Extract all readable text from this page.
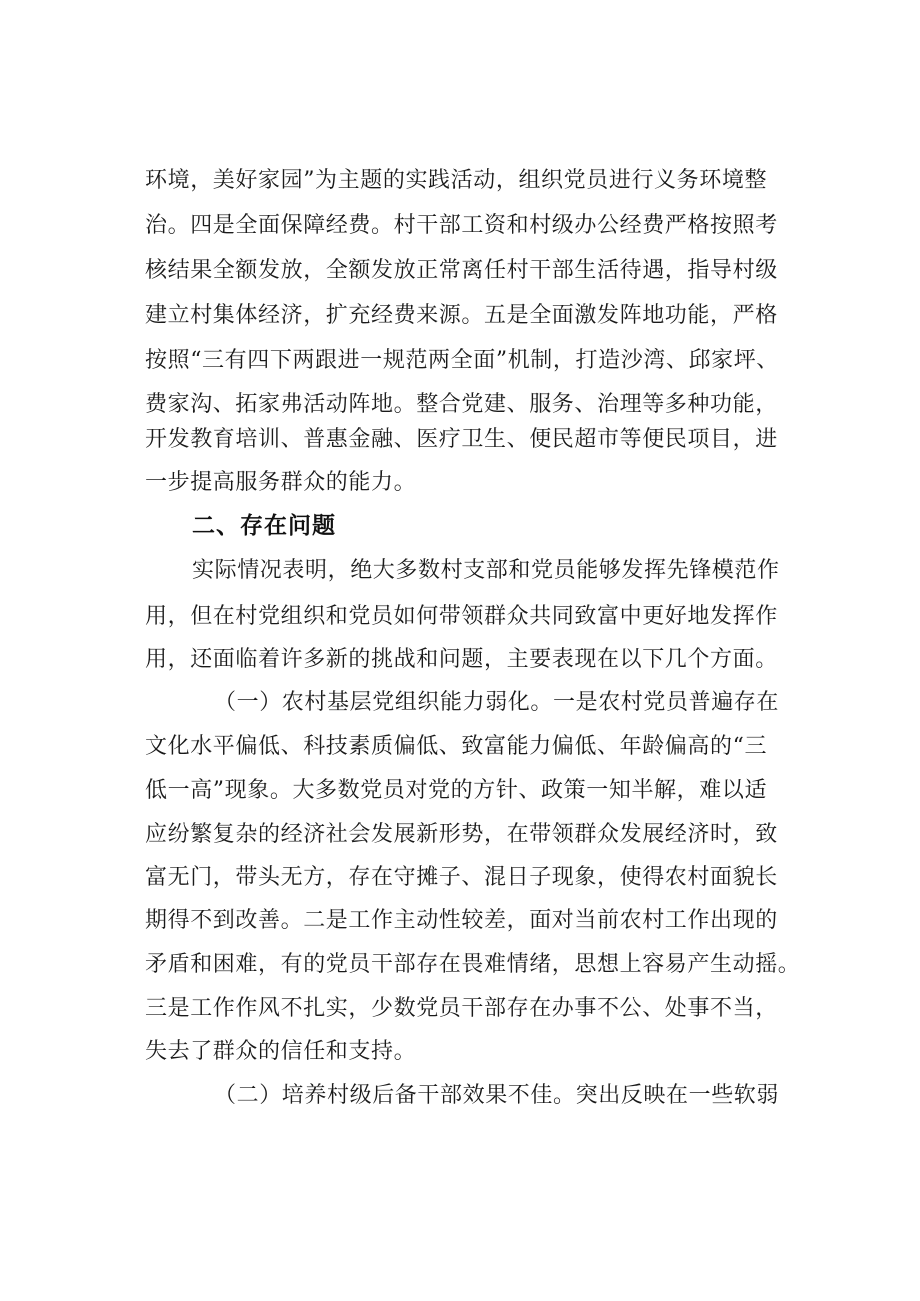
环境，美好家园”为主题的实践活动，组织党员进行义务环境整
治。四是全面保障经费。村干部工资和村级办公经费严格按照考
核结果全额发放，全额发放正常离任村干部生活待遇，指导村级
建立村集体经济，扩充经费来源。五是全面激发阵地功能，严格
按照“三有四下两跟进一规范两全面”机制，打造沙湾、邱家坪、
费家沟、拓家弗活动阵地。整合党建、服务、治理等多种功能，
开发教育培训、普惠金融、医疗卫生、便民超市等便民项目，进
一步提高服务群众的能力。
二、存在问题
实际情况表明，绝大多数村支部和党员能够发挥先锋模范作
用，但在村党组织和党员如何带领群众共同致富中更好地发挥作
用，还面临着许多新的挑战和问题，主要表现在以下几个方面。
（一）农村基层党组织能力弱化。一是农村党员普遍存在
文化水平偏低、科技素质偏低、致富能力偏低、年龄偏高的“三
低一高”现象。大多数党员对党的方针、政策一知半解，难以适
应纷繁复杂的经济社会发展新形势，在带领群众发展经济时，致
富无门，带头无方，存在守摊子、混日子现象，使得农村面貌长
期得不到改善。二是工作主动性较差，面对当前农村工作出现的
矛盾和困难，有的党员干部存在畏难情绪，思想上容易产生动摇。
三是工作作风不扎实，少数党员干部存在办事不公、处事不当，
失去了群众的信任和支持。
（二）培养村级后备干部效果不佳。突出反映在一些软弱
